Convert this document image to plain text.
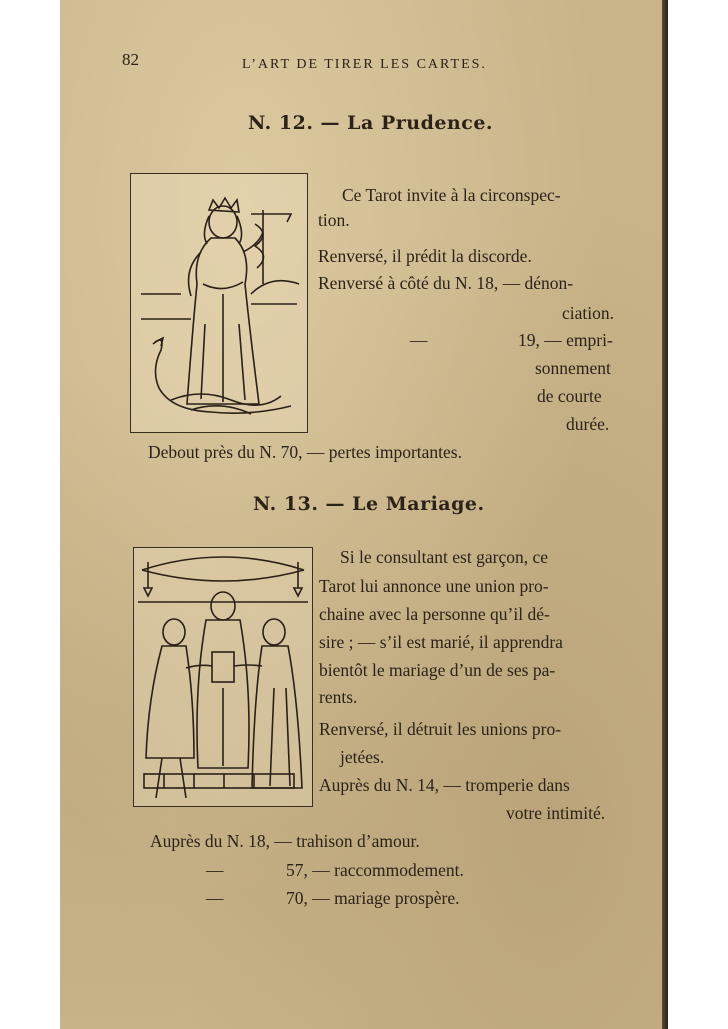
82	L’ART DE TIRER LES CARTES.
N. 12. — La Prudence.
Ce Tarot invite à la circonspec-
tion.
Renversé, il prédit la discorde.
Renversé à côté du N. 18, — dénon-
ciation.
—	19, — empri-
sonnement
de courte
durée.
Debout près du N. 70, — pertes importantes.
N. 13. — Le Mariage.
Si le consultant est garçon, ce
Tarot lui annonce une union pro-
chaine avec la personne qu’il dé-
sire ; — s’il est marié, il apprendra
bientôt le mariage d’un de ses pa-
rents.
Renversé, il détruit les unions pro-
jetées.
Auprès du N. 14, — tromperie dans
votre intimité.
Auprès du N. 18, — trahison d’amour.
—	57, — raccommodement.
—	70, — mariage prospère.
